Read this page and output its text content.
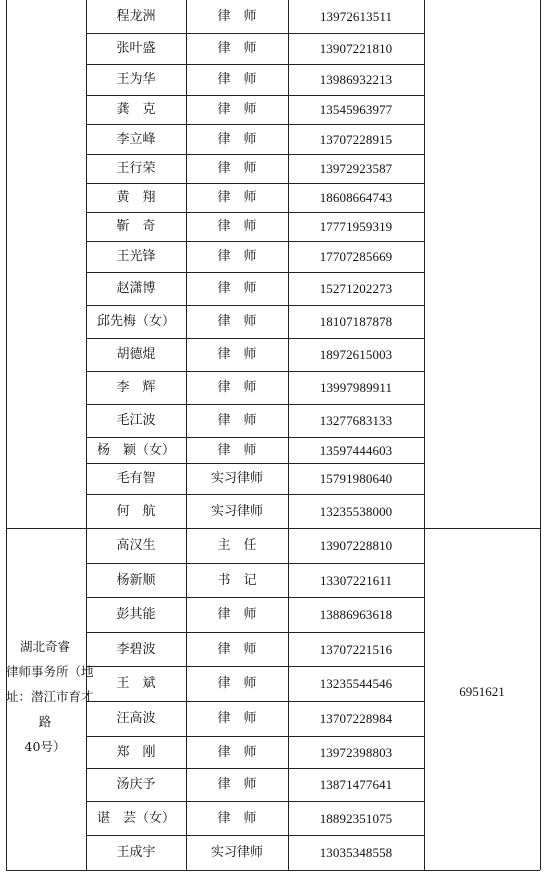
程龙洲	律　师	13972613511
张叶盛	律　师	13907221810
王为华	律　师	13986932213
龚　克	律　师	13545963977
李立峰	律　师	13707228915
王行荣	律　师	13972923587
黄　翔	律　师	18608664743
靳　奇	律　师	17771959319
王光锋	律　师	17707285669
赵潇博	律　师	15271202273
邱先梅（女）	律　师	18107187878
胡德焜	律　师	18972615003
李　辉	律　师	13997989911
毛江波	律　师	13277683133
杨　颖（女）	律　师	13597444603
毛有智	实习律师	15791980640
何　航	实习律师	13235538000
高汉生	主　任	13907228810
杨新顺	书　记	13307221611
彭其能	律　师	13886963618
李碧波	律　师	13707221516
王　斌	律　师	13235544546
汪高波	律　师	13707228984
郑　刚	律　师	13972398803
汤庆予	律　师	13871477641
谌　芸（女）	律　师	18892351075
王成宇	实习律师	13035348558
湖北奇睿
律师事务所（地
址：潜江市育才
路
40号）
6951621
